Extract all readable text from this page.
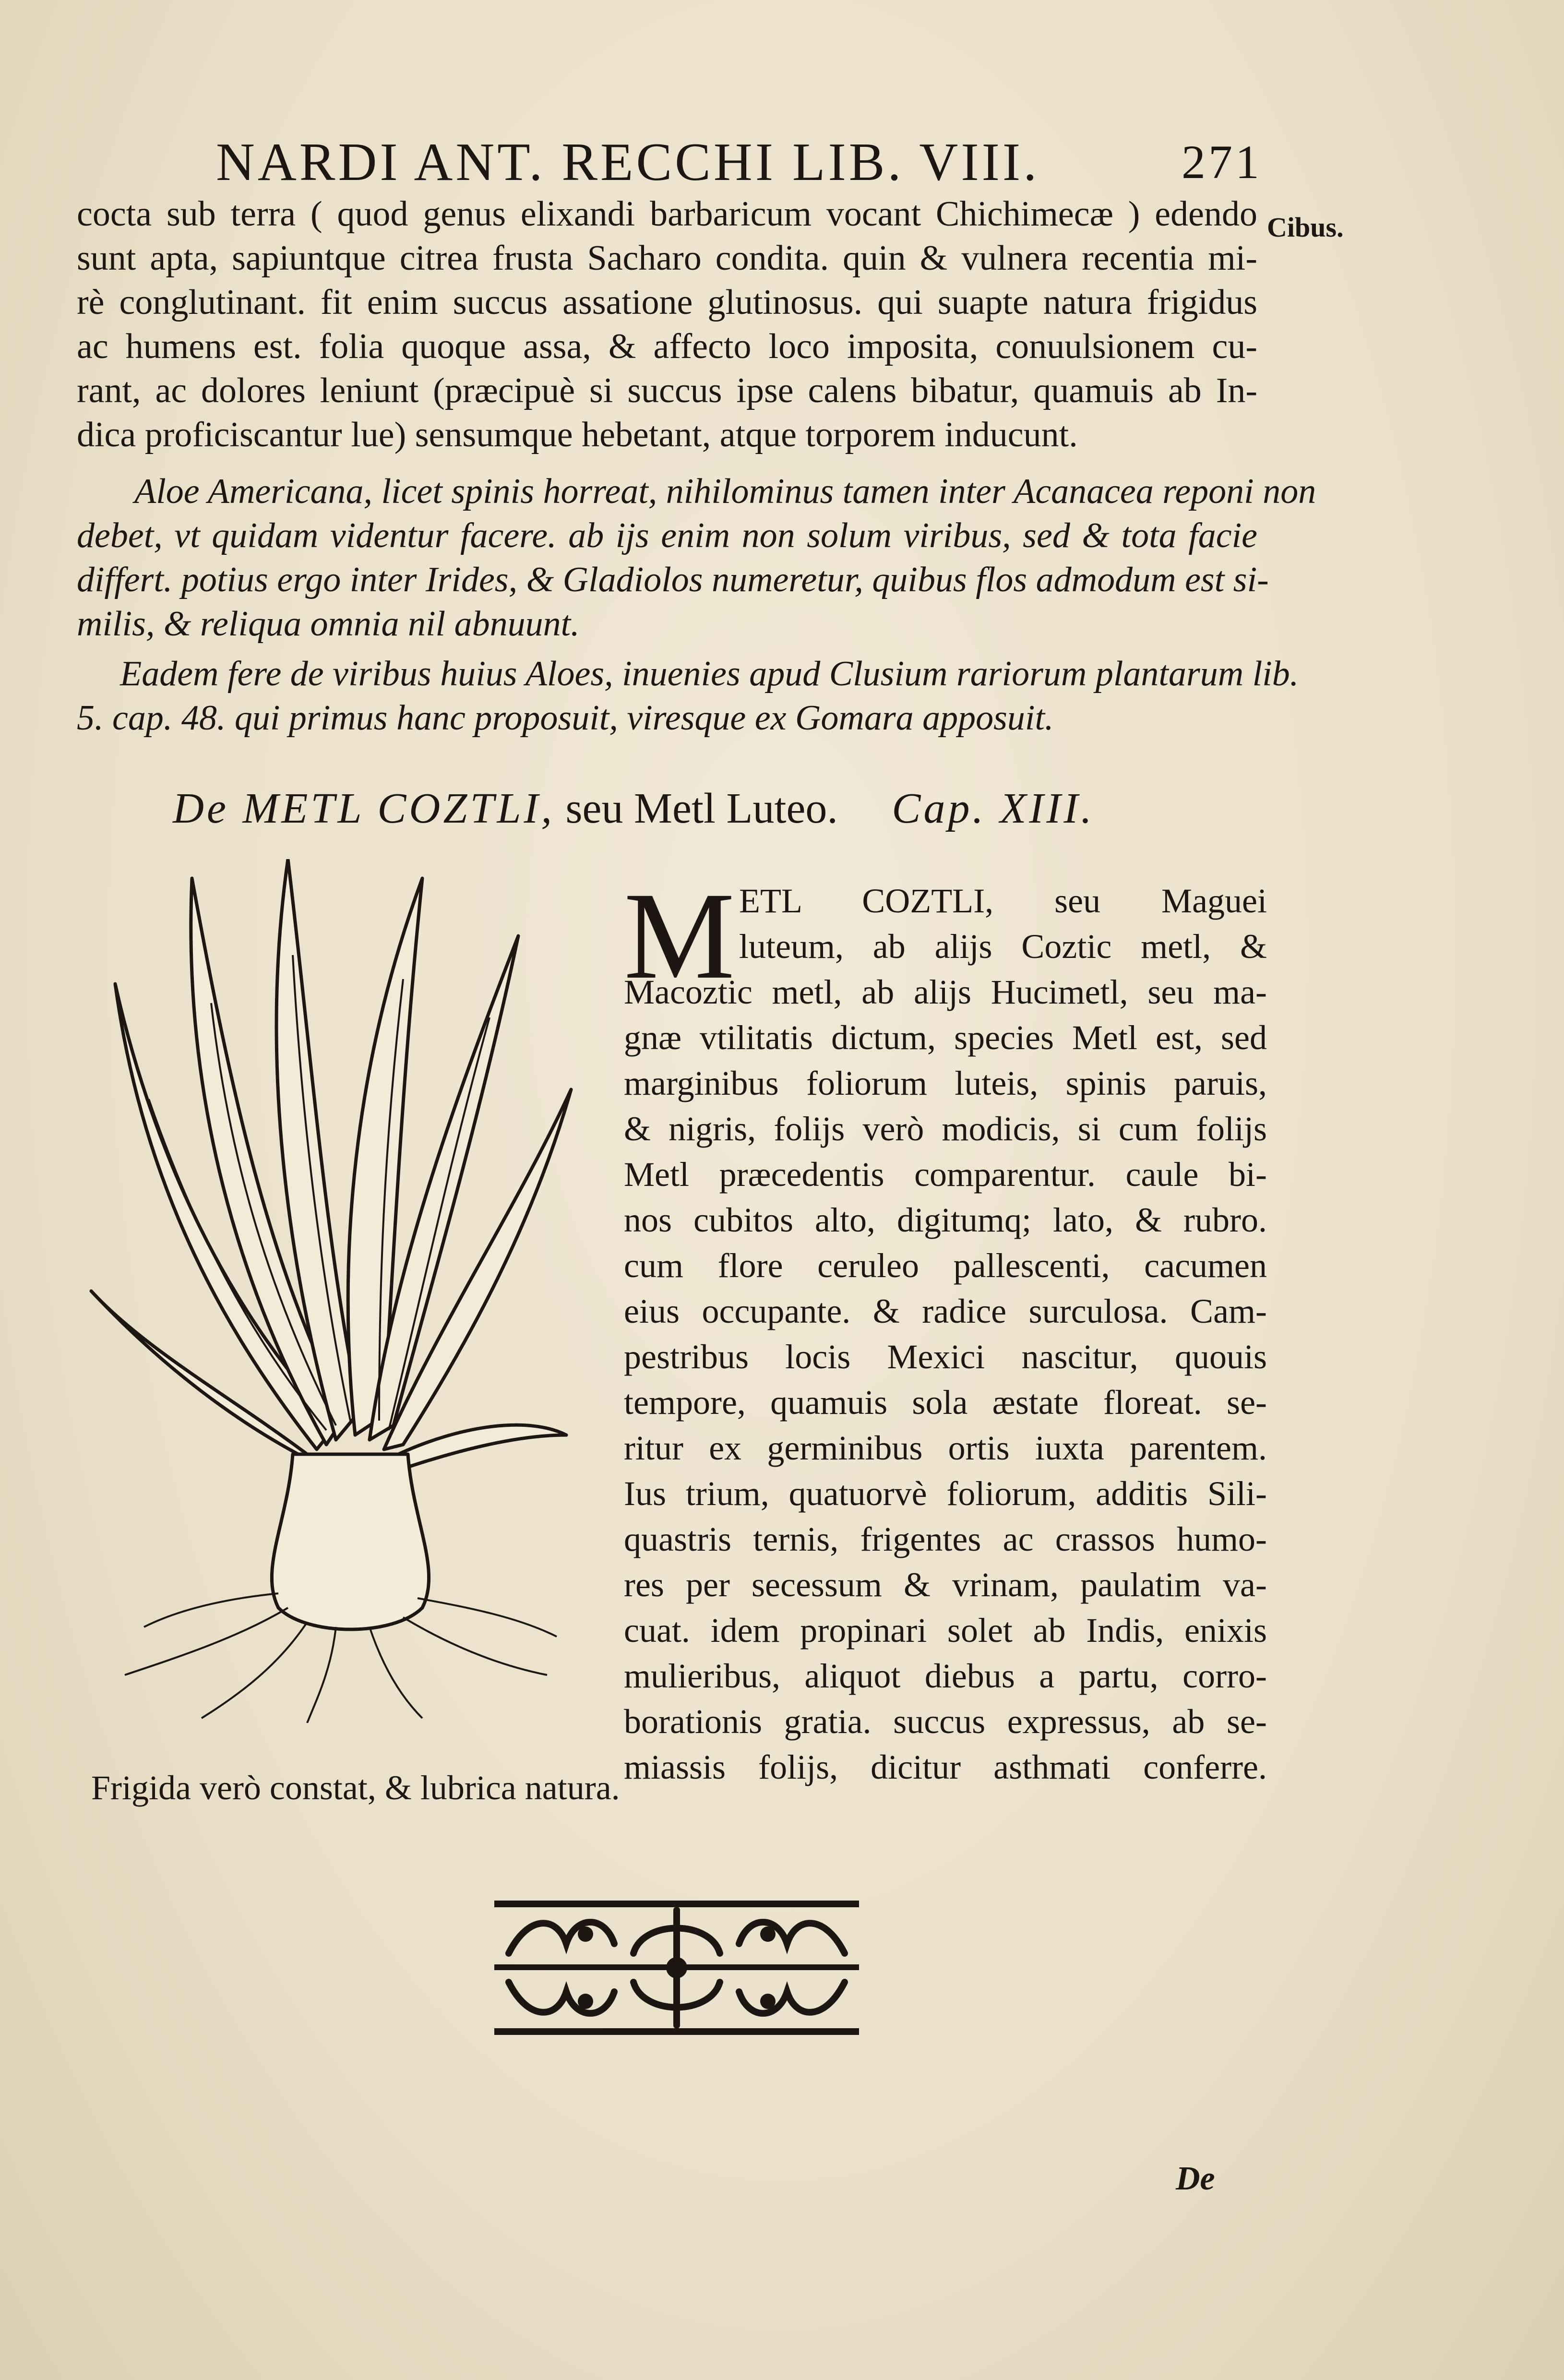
NARDI ANT. RECCHI LIB. VIII.	271
Cibus.
cocta sub terra ( quod genus elixandi barbaricum vocant Chichimecæ ) edendo
sunt apta, sapiuntque citrea frusta Sacharo condita. quin & vulnera recentia mi-
rè conglutinant. fit enim succus assatione glutinosus. qui suapte natura frigidus
ac humens est. folia quoque assa, & affecto loco imposita, conuulsionem cu-
rant, ac dolores leniunt (præcipuè si succus ipse calens bibatur, quamuis ab In-
dica proficiscantur lue) sensumque hebetant, atque torporem inducunt.
Aloe Americana, licet spinis horreat, nihilominus tamen inter Acanacea reponi non
debet, vt quidam videntur facere. ab ijs enim non solum viribus, sed & tota facie
differt. potius ergo inter Irides, & Gladiolos numeretur, quibus flos admodum est si-
milis, & reliqua omnia nil abnuunt.
Eadem fere de viribus huius Aloes, inuenies apud Clusium rariorum plantarum lib.
5. cap. 48. qui primus hanc proposuit, viresque ex Gomara apposuit.
De METL COZTLI, seu Metl Luteo. Cap. XIII.
M ETL COZTLI, seu Maguei
luteum, ab alijs Coztic metl, &
Macoztic metl, ab alijs Hucimetl, seu ma-
gnæ vtilitatis dictum, species Metl est, sed
marginibus foliorum luteis, spinis paruis,
& nigris, folijs verò modicis, si cum folijs
Metl præcedentis comparentur. caule bi-
nos cubitos alto, digitumq; lato, & rubro.
cum flore ceruleo pallescenti, cacumen
eius occupante. & radice surculosa. Cam-
pestribus locis Mexici nascitur, quouis
tempore, quamuis sola æstate floreat. se-
ritur ex germinibus ortis iuxta parentem.
Ius trium, quatuorvè foliorum, additis Sili-
quastris ternis, frigentes ac crassos humo-
res per secessum & vrinam, paulatim va-
cuat. idem propinari solet ab Indis, enixis
mulieribus, aliquot diebus a partu, corro-
borationis gratia. succus expressus, ab se-
miassis folijs, dicitur asthmati conferre.
Frigida verò constat, & lubrica natura.
De
